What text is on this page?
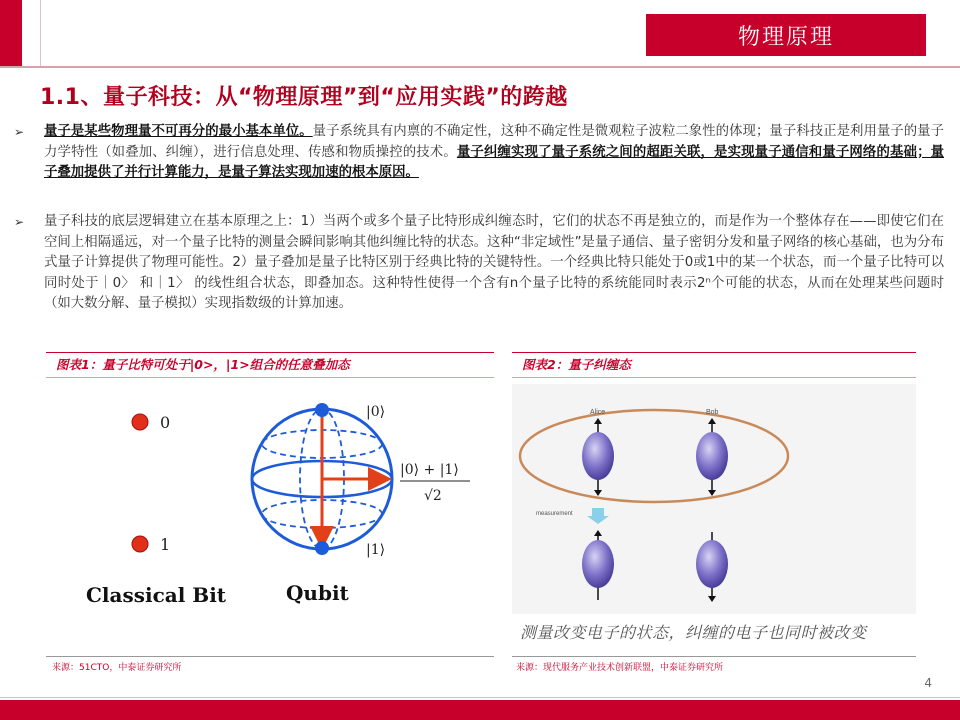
物理原理
1.1、量子科技：从“物理原理”到“应用实践”的跨越
➢ 量子是某些物理量不可再分的最小基本单位。量子系统具有内禀的不确定性，这种不确定性是微观粒子波粒二象性的体现；量子科技正是利用量子的量子力学特性（如叠加、纠缠），进行信息处理、传感和物质操控的技术。量子纠缠实现了量子系统之间的超距关联，是实现量子通信和量子网络的基础；量子叠加提供了并行计算能力，是量子算法实现加速的根本原因。
➢ 量子科技的底层逻辑建立在基本原理之上：1）当两个或多个量子比特形成纠缠态时，它们的状态不再是独立的，而是作为一个整体存在——即使它们在空间上相隔遥远，对一个量子比特的测量会瞬间影响其他纠缠比特的状态。这种“非定域性”是量子通信、量子密钥分发和量子网络的核心基础，也为分布式量子计算提供了物理可能性。2）量子叠加是量子比特区别于经典比特的关键特性。一个经典比特只能处于0或1中的某一个状态，而一个量子比特可以同时处于｜0〉 和｜1〉 的线性组合状态，即叠加态。这种特性使得一个含有n个量子比特的系统能同时表示2ⁿ个可能的状态，从而在处理某些问题时（如大数分解、量子模拟）实现指数级的计算加速。
图表1：量子比特可处于|0>，|1>组合的任意叠加态
0
1
|0⟩
|1⟩
|0⟩ + |1⟩
√2
Classical Bit	Qubit
来源：51CTO，中泰证券研究所
图表2：量子纠缠态
Alice	Bob
measurement
测量改变电子的状态，纠缠的电子也同时被改变
来源：现代服务产业技术创新联盟，中泰证券研究所
4
